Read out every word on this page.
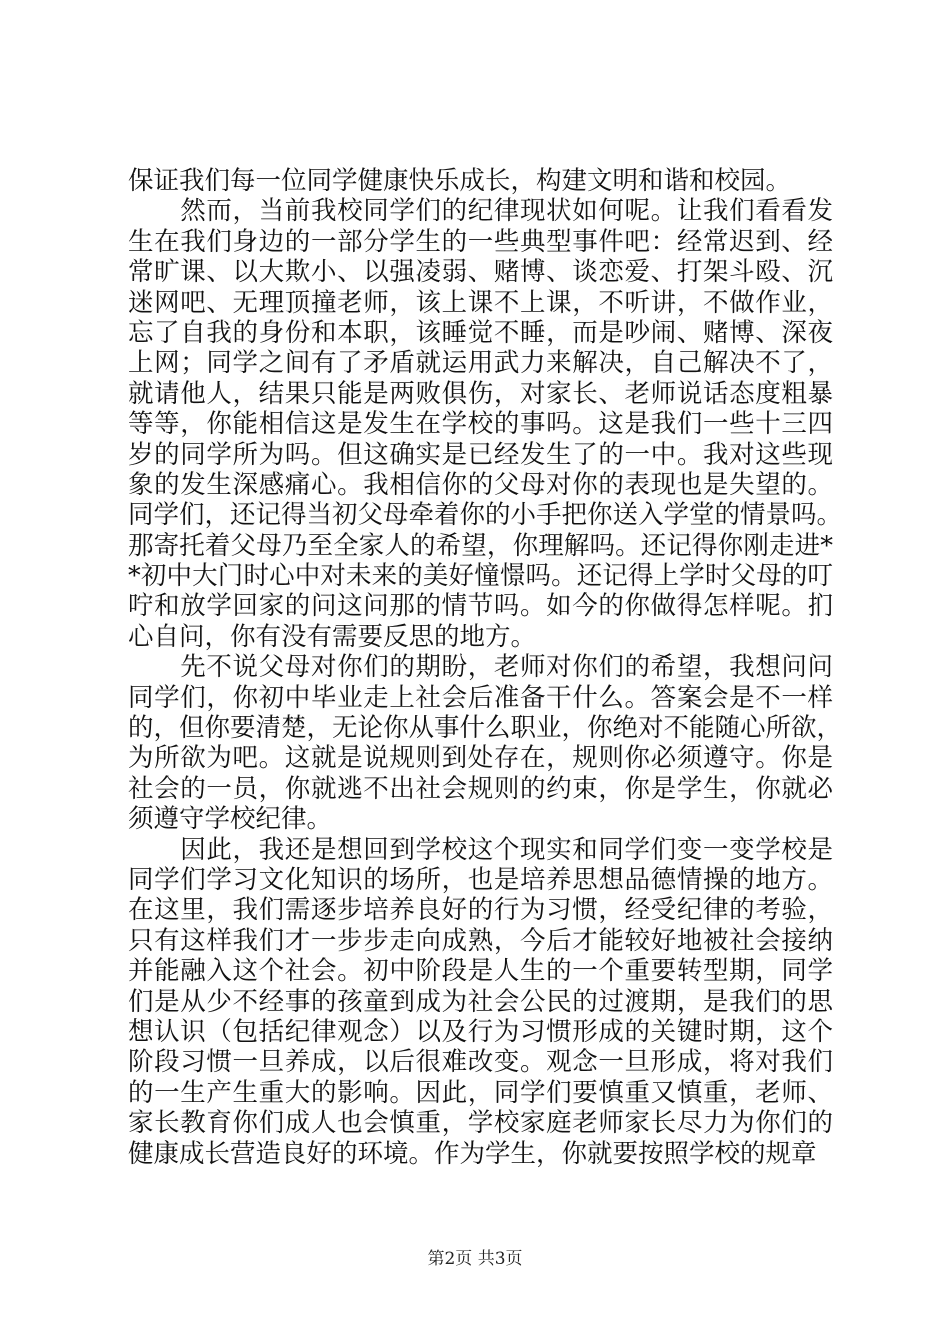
保证我们每一位同学健康快乐成长，构建文明和谐和校园。
　　然而，当前我校同学们的纪律现状如何呢。让我们看看发
生在我们身边的一部分学生的一些典型事件吧：经常迟到、经
常旷课、以大欺小、以强凌弱、赌博、谈恋爱、打架斗殴、沉
迷网吧、无理顶撞老师，该上课不上课，不听讲，不做作业，
忘了自我的身份和本职，该睡觉不睡，而是吵闹、赌博、深夜
上网；同学之间有了矛盾就运用武力来解决，自己解决不了，
就请他人，结果只能是两败俱伤，对家长、老师说话态度粗暴
等等，你能相信这是发生在学校的事吗。这是我们一些十三四
岁的同学所为吗。但这确实是已经发生了的一中。我对这些现
象的发生深感痛心。我相信你的父母对你的表现也是失望的。
同学们，还记得当初父母牵着你的小手把你送入学堂的情景吗。
那寄托着父母乃至全家人的希望，你理解吗。还记得你刚走进*
*初中大门时心中对未来的美好憧憬吗。还记得上学时父母的叮
咛和放学回家的问这问那的情节吗。如今的你做得怎样呢。扪
心自问，你有没有需要反思的地方。
　　先不说父母对你们的期盼，老师对你们的希望，我想问问
同学们，你初中毕业走上社会后准备干什么。答案会是不一样
的，但你要清楚，无论你从事什么职业，你绝对不能随心所欲，
为所欲为吧。这就是说规则到处存在，规则你必须遵守。你是
社会的一员，你就逃不出社会规则的约束，你是学生，你就必
须遵守学校纪律。
　　因此，我还是想回到学校这个现实和同学们变一变学校是
同学们学习文化知识的场所，也是培养思想品德情操的地方。
在这里，我们需逐步培养良好的行为习惯，经受纪律的考验，
只有这样我们才一步步走向成熟，今后才能较好地被社会接纳
并能融入这个社会。初中阶段是人生的一个重要转型期，同学
们是从少不经事的孩童到成为社会公民的过渡期，是我们的思
想认识（包括纪律观念）以及行为习惯形成的关键时期，这个
阶段习惯一旦养成，以后很难改变。观念一旦形成，将对我们
的一生产生重大的影响。因此，同学们要慎重又慎重，老师、
家长教育你们成人也会慎重，学校家庭老师家长尽力为你们的
健康成长营造良好的环境。作为学生，你就要按照学校的规章
第2页 共3页
